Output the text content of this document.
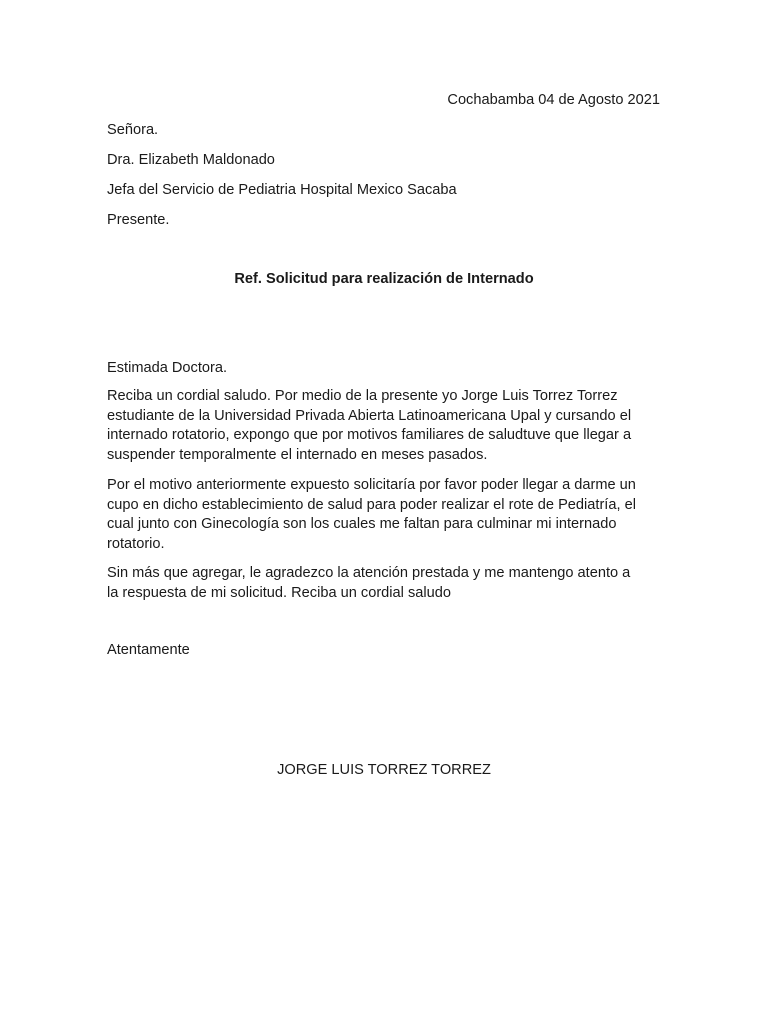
Cochabamba 04 de Agosto 2021
Señora.
Dra. Elizabeth Maldonado
Jefa del Servicio de Pediatria Hospital Mexico Sacaba
Presente.
Ref. Solicitud para realización de Internado
Estimada Doctora.
Reciba un cordial saludo. Por medio de la presente yo Jorge Luis Torrez Torrez
estudiante de la Universidad Privada Abierta Latinoamericana Upal y cursando el
internado rotatorio, expongo que por motivos familiares de saludtuve que llegar a
suspender temporalmente el internado en meses pasados.
Por el motivo anteriormente expuesto solicitaría por favor poder llegar a darme un
cupo en dicho establecimiento de salud para poder realizar el rote de Pediatría, el
cual junto con Ginecología son los cuales me faltan para culminar mi internado
rotatorio.
Sin más que agregar, le agradezco la atención prestada y me mantengo atento a
la respuesta de mi solicitud. Reciba un cordial saludo
Atentamente
JORGE LUIS TORREZ TORREZ
